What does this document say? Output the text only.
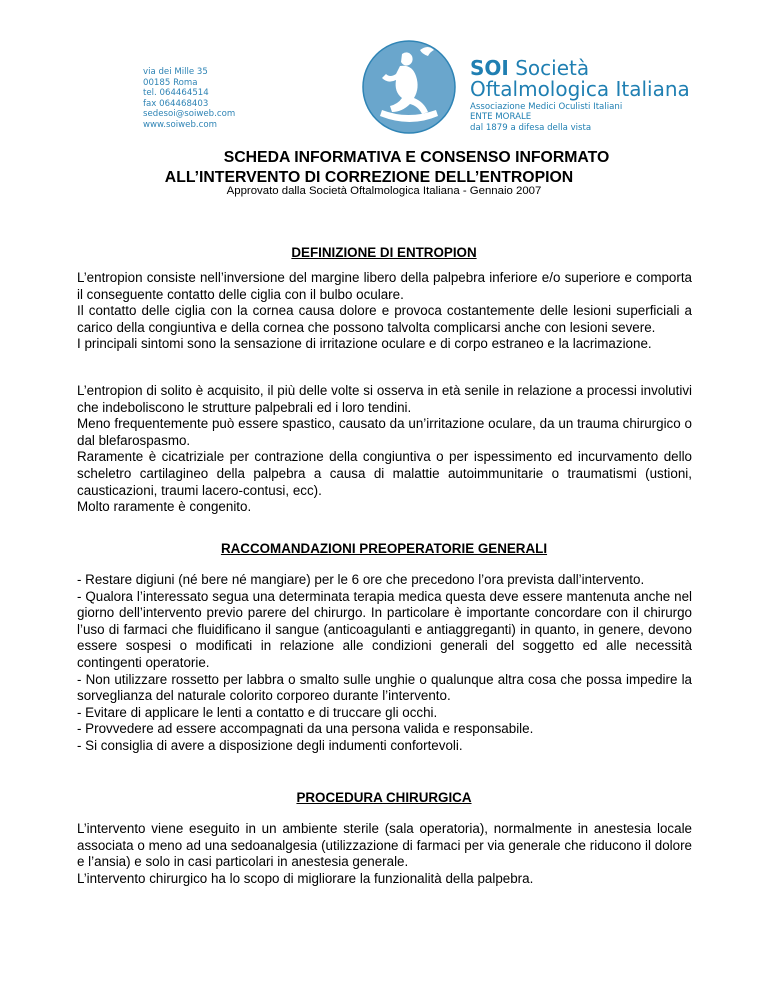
via dei Mille 35
00185 Roma
tel. 064464514
fax 064468403
sedesoi@soiweb.com
www.soiweb.com
SOI Società
Oftalmologica Italiana
Associazione Medici Oculisti Italiani
ENTE MORALE
dal 1879 a difesa della vista
SCHEDA INFORMATIVA E CONSENSO INFORMATO
ALL’INTERVENTO DI CORREZIONE DELL’ENTROPION
Approvato dalla Società Oftalmologica Italiana - Gennaio 2007
DEFINIZIONE DI ENTROPION

L’entropion consiste nell’inversione del margine libero della palpebra inferiore e/o superiore e comporta il conseguente contatto delle ciglia con il bulbo oculare.

Il contatto delle ciglia con la cornea causa dolore e provoca costantemente delle lesioni superficiali a carico della congiuntiva e della cornea che possono talvolta complicarsi anche con lesioni severe.

I principali sintomi sono la sensazione di irritazione oculare e di corpo estraneo e la lacrimazione.

L’entropion di solito è acquisito, il più delle volte si osserva in età senile in relazione a processi involutivi che indeboliscono le strutture palpebrali ed i loro tendini.

Meno frequentemente può essere spastico, causato da un’irritazione oculare, da un trauma chirurgico o dal blefarospasmo.

Raramente è cicatriziale per contrazione della congiuntiva o per ispessimento ed incurvamento dello scheletro cartilagineo della palpebra a causa di malattie autoimmunitarie o traumatismi (ustioni, causticazioni, traumi lacero-contusi, ecc).

Molto raramente è congenito.

RACCOMANDAZIONI PREOPERATORIE GENERALI

- Restare digiuni (né bere né mangiare) per le 6 ore che precedono l’ora prevista dall’intervento.

- Qualora l’interessato segua una determinata terapia medica questa deve essere mantenuta anche nel giorno dell’intervento previo parere del chirurgo. In particolare è importante concordare con il chirurgo l’uso di farmaci che fluidificano il sangue (anticoagulanti e antiaggreganti) in quanto, in genere, devono essere sospesi o modificati in relazione alle condizioni generali del soggetto ed alle necessità contingenti operatorie.

- Non utilizzare rossetto per labbra o smalto sulle unghie o qualunque altra cosa che possa impedire la sorveglianza del naturale colorito corporeo durante l’intervento.

- Evitare di applicare le lenti a contatto e di truccare gli occhi.

- Provvedere ad essere accompagnati da una persona valida e responsabile.

- Si consiglia di avere a disposizione degli indumenti confortevoli.

PROCEDURA CHIRURGICA

L’intervento viene eseguito in un ambiente sterile (sala operatoria), normalmente in anestesia locale associata o meno ad una sedoanalgesia (utilizzazione di farmaci per via generale che riducono il dolore e l’ansia) e solo in casi particolari in anestesia generale.

L’intervento chirurgico ha lo scopo di migliorare la funzionalità della palpebra.
